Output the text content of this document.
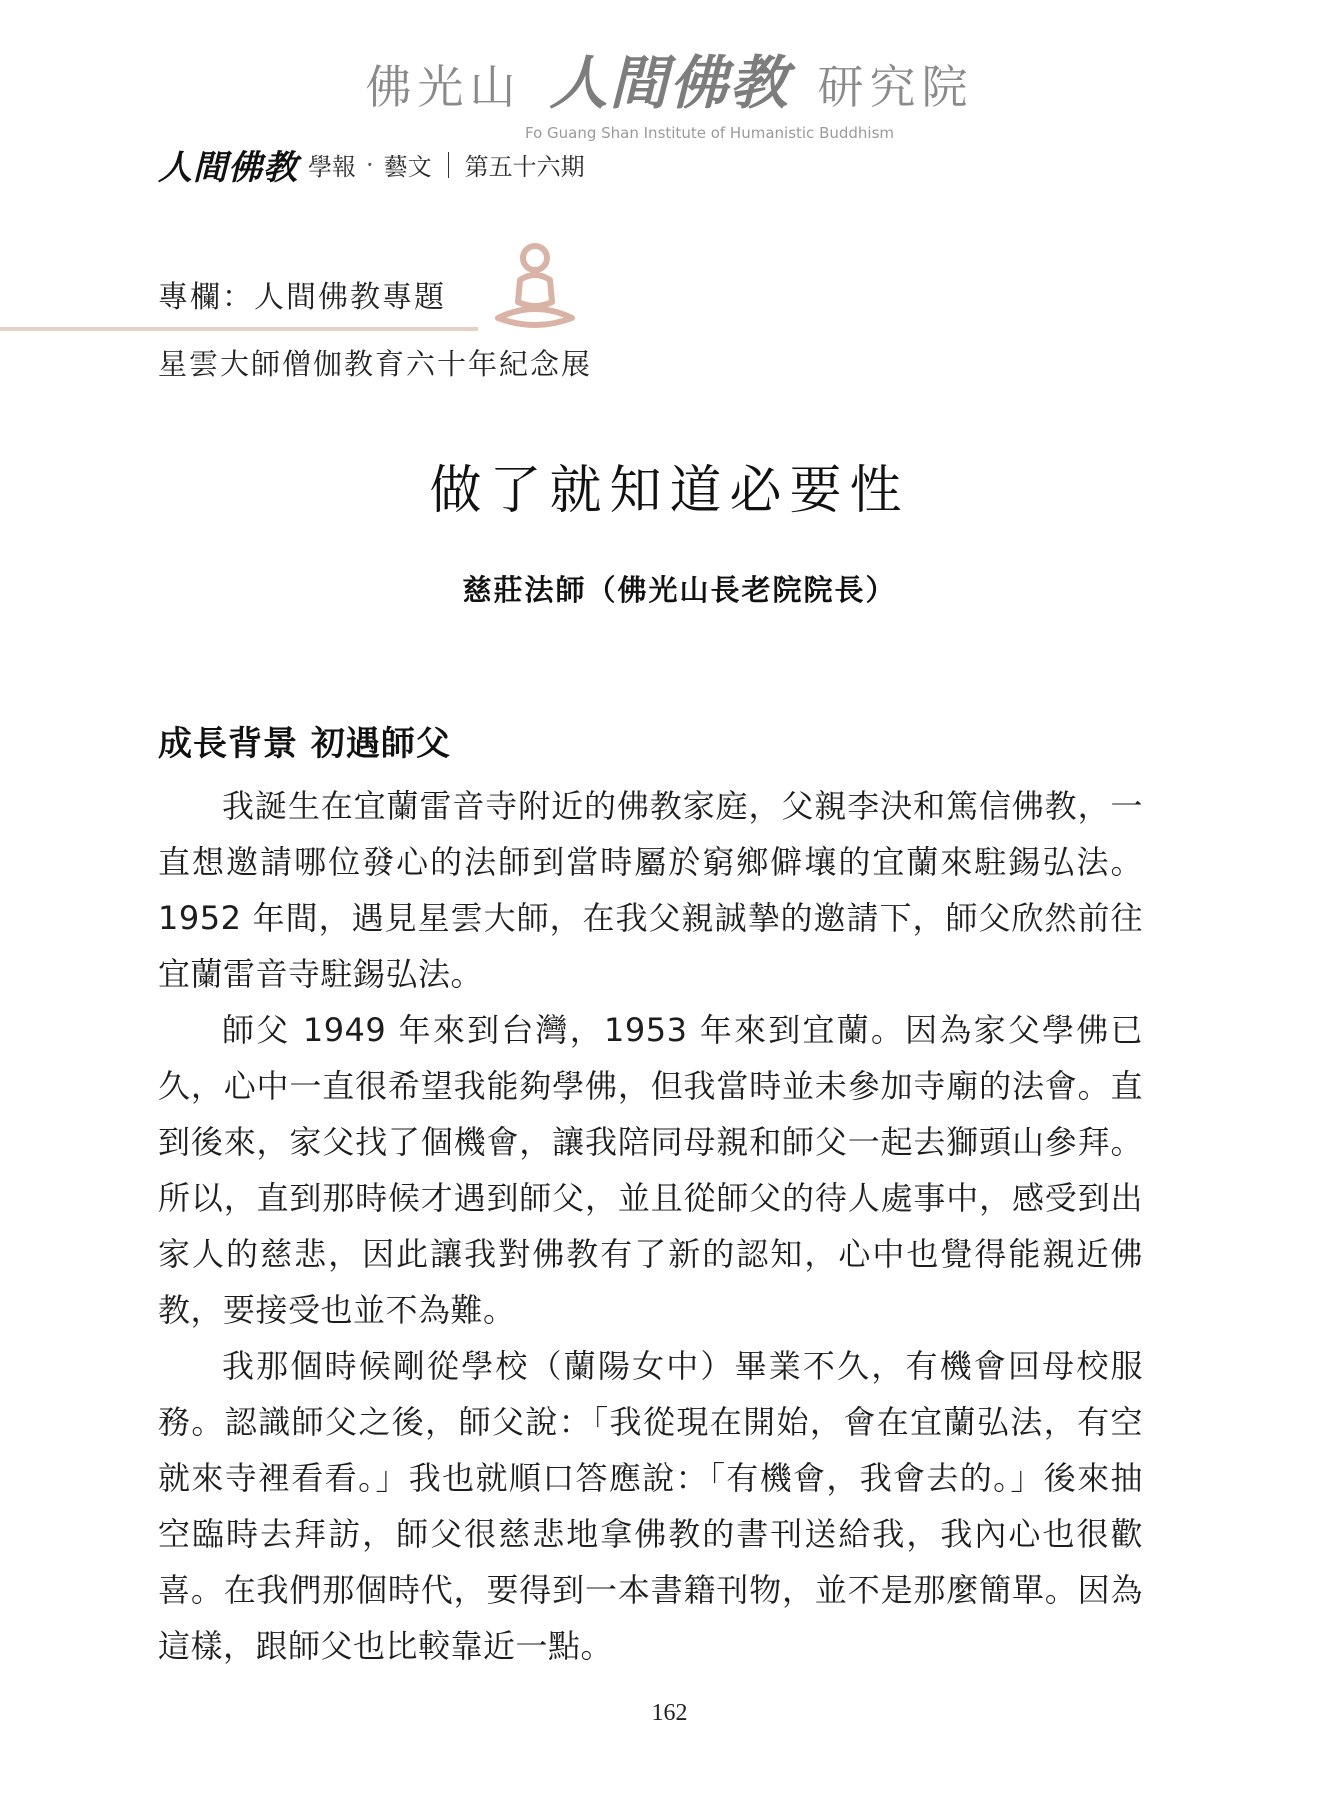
佛光山 人間佛教 研究院
Fo Guang Shan Institute of Humanistic Buddhism
人間佛教 學報 · 藝文 第五十六期
專欄：人間佛教專題
星雲大師僧伽教育六十年紀念展
做了就知道必要性
慈莊法師（佛光山長老院院長）
成長背景 初遇師父

我誕生在宜蘭雷音寺附近的佛教家庭，父親李決和篤信佛教，一直想邀請哪位發心的法師到當時屬於窮鄉僻壤的宜蘭來駐錫弘法。1952 年間，遇見星雲大師，在我父親誠摯的邀請下，師父欣然前往宜蘭雷音寺駐錫弘法。

師父 1949 年來到台灣，1953 年來到宜蘭。因為家父學佛已久，心中一直很希望我能夠學佛，但我當時並未參加寺廟的法會。直到後來，家父找了個機會，讓我陪同母親和師父一起去獅頭山參拜。所以，直到那時候才遇到師父，並且從師父的待人處事中，感受到出家人的慈悲，因此讓我對佛教有了新的認知，心中也覺得能親近佛教，要接受也並不為難。

我那個時候剛從學校（蘭陽女中）畢業不久，有機會回母校服務。認識師父之後，師父說：「我從現在開始，會在宜蘭弘法，有空就來寺裡看看。」我也就順口答應說：「有機會，我會去的。」後來抽空臨時去拜訪，師父很慈悲地拿佛教的書刊送給我，我內心也很歡喜。在我們那個時代，要得到一本書籍刊物，並不是那麼簡單。因為這樣，跟師父也比較靠近一點。

162
